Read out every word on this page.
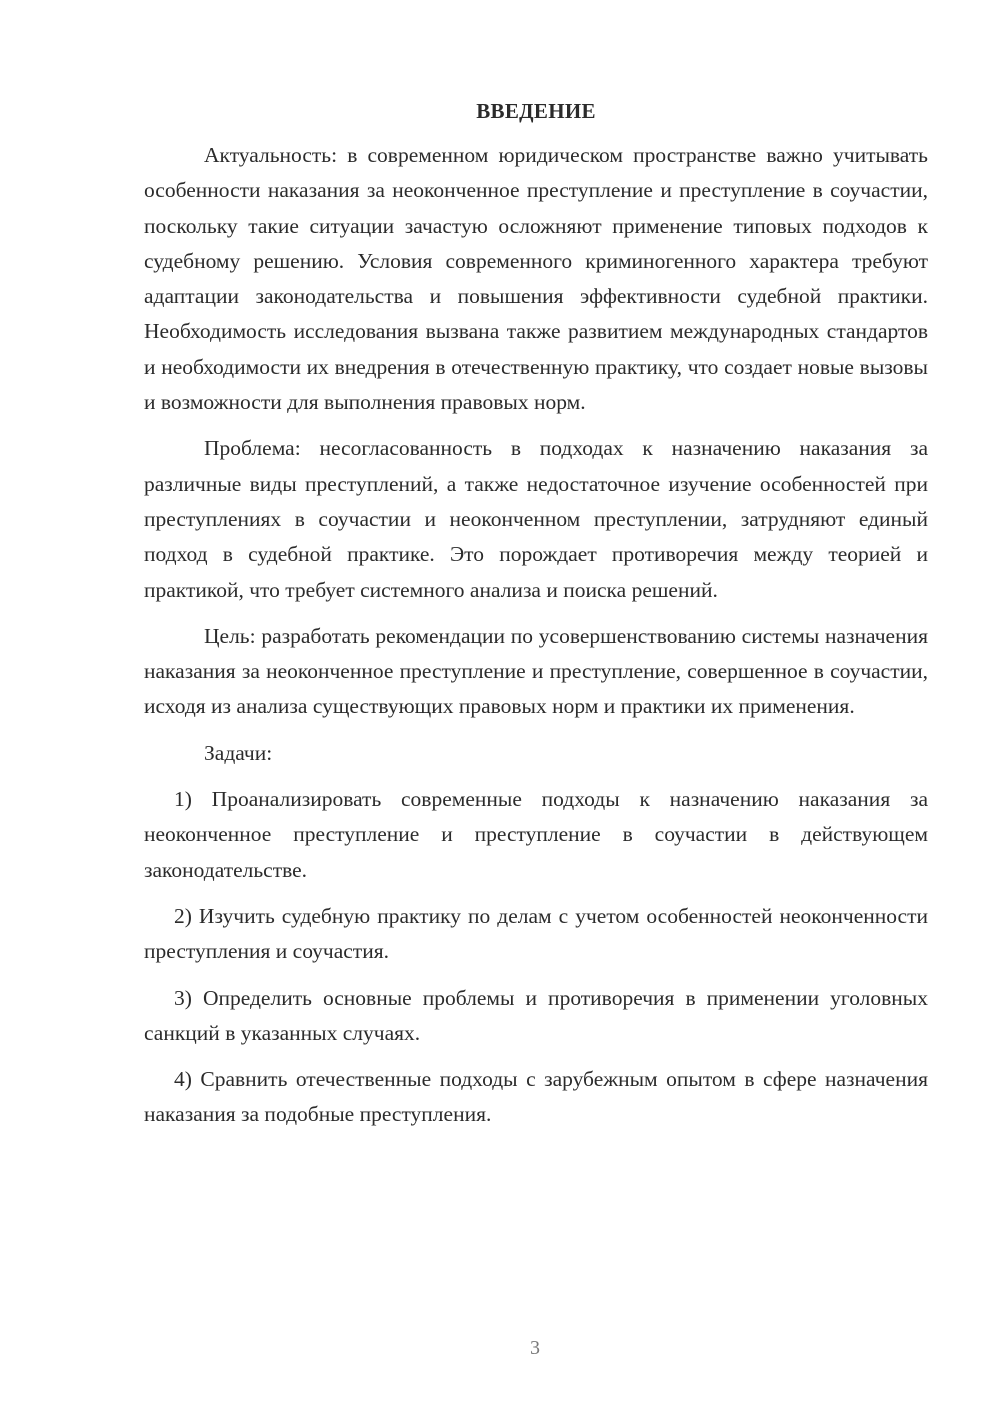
ВВЕДЕНИЕ

Актуальность: в современном юридическом пространстве важно учитывать особенности наказания за неоконченное преступление и преступление в соучастии, поскольку такие ситуации зачастую осложняют применение типовых подходов к судебному решению. Условия современного криминогенного характера требуют адаптации законодательства и повышения эффективности судебной практики. Необходимость исследования вызвана также развитием международных стандартов и необходимости их внедрения в отечественную практику, что создает новые вызовы и возможности для выполнения правовых норм.

Проблема: несогласованность в подходах к назначению наказания за различные виды преступлений, а также недостаточное изучение особенностей при преступлениях в соучастии и неоконченном преступлении, затрудняют единый подход в судебной практике. Это порождает противоречия между теорией и практикой, что требует системного анализа и поиска решений.

Цель: разработать рекомендации по усовершенствованию системы назначения наказания за неоконченное преступление и преступление, совершенное в соучастии, исходя из анализа существующих правовых норм и практики их применения.

Задачи:

1) Проанализировать современные подходы к назначению наказания за неоконченное преступление и преступление в соучастии в действующем законодательстве.

2) Изучить судебную практику по делам с учетом особенностей неоконченности преступления и соучастия.

3) Определить основные проблемы и противоречия в применении уголовных санкций в указанных случаях.

4) Сравнить отечественные подходы с зарубежным опытом в сфере назначения наказания за подобные преступления.

3
